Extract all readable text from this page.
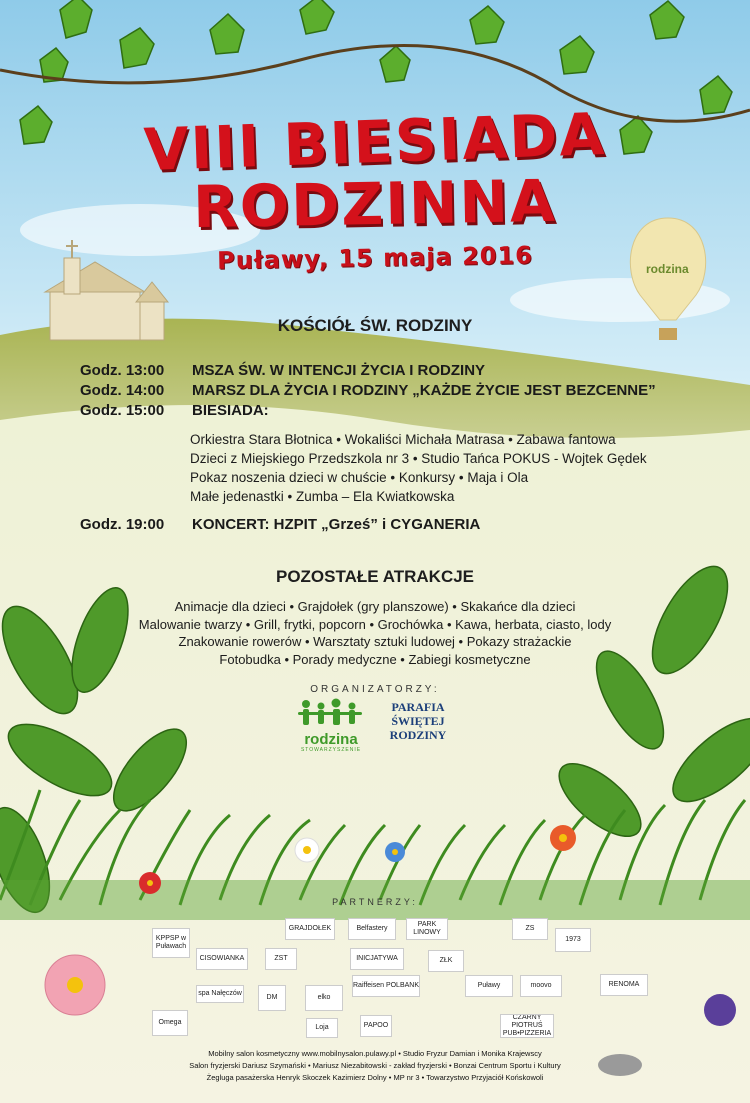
VIII BIESIADA
RODZINNA
Puławy, 15 maja 2016	rodzina
KOŚCIÓŁ ŚW. RODZINY
Godz. 13:00 MSZA ŚW. W INTENCJI ŻYCIA I RODZINY
Godz. 14:00 MARSZ DLA ŻYCIA I RODZINY „KAŻDE ŻYCIE JEST BEZCENNE”
Godz. 15:00 BIESIADA:
Orkiestra Stara Błotnica • Wokaliści Michała Matrasa • Zabawa fantowa
Dzieci z Miejskiego Przedszkola nr 3 • Studio Tańca POKUS - Wojtek Gędek
Pokaz noszenia dzieci w chuście • Konkursy • Maja i Ola
Małe jedenastki • Zumba – Ela Kwiatkowska
Godz. 19:00 KONCERT: HZPIT „Grześ” i CYGANERIA
POZOSTAŁE ATRAKCJE
Animacje dla dzieci • Grajdołek (gry planszowe) • Skakańce dla dzieci
Malowanie twarzy • Grill, frytki, popcorn • Grochówka • Kawa, herbata, ciasto, lody
Znakowanie rowerów • Warsztaty sztuki ludowej • Pokazy strażackie
Fotobudka • Porady medyczne • Zabiegi kosmetyczne
ORGANIZATORZY:
rodzina
STOWARZYSZENIE
PARAFIA ŚWIĘTEJ RODZINY
PARTNERZY:
GRAJDOŁEK	Belfastery
PARK LINOWY
ZS
KPPSP w Puławach
CISOWIANKA	ZST	INICJATYWA	ZŁK
1973
Raiffeisen POLBANK	Puławy	moovo	RENOMA
Omega
spa Nałęczów
DM	elko
Loja	PAPOO
CZARNY PIOTRUŚ PUB•PIZZERIA
Mobilny salon kosmetyczny www.mobilnysalon.pulawy.pl • Studio Fryzur Damian i Monika Krajewscy
Salon fryzjerski Dariusz Szymański • Mariusz Niezabitowski - zakład fryzjerski • Bonzai Centrum Sportu i Kultury
Żegluga pasażerska Henryk Skoczek Kazimierz Dolny • MP nr 3 • Towarzystwo Przyjaciół Końskowoli
